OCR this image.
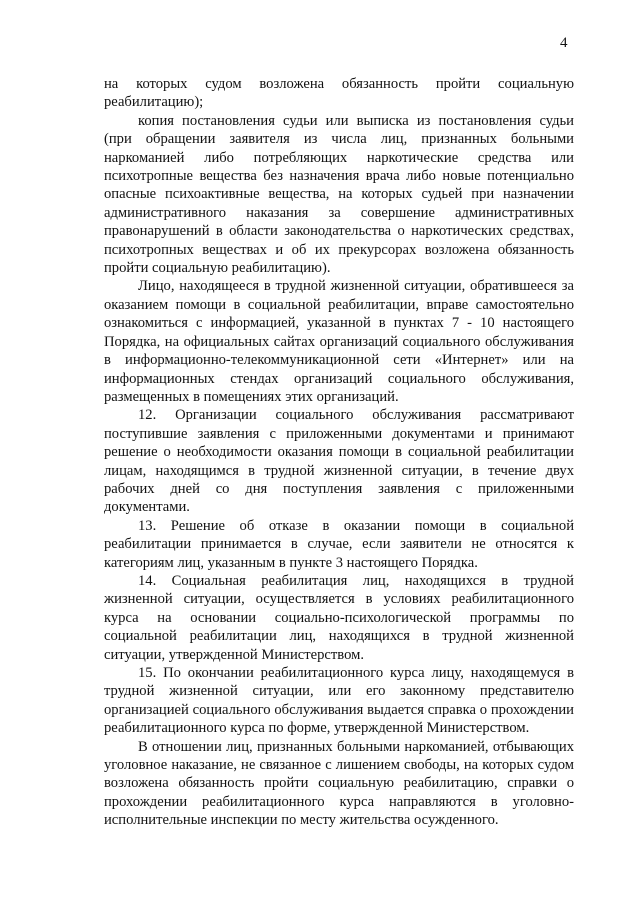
4

на которых судом возложена обязанность пройти социальную реабилитацию);

копия постановления судьи или выписка из постановления судьи (при обращении заявителя из числа лиц, признанных больными наркоманией либо потребляющих наркотические средства или психотропные вещества без назначения врача либо новые потенциально опасные психоактивные вещества, на которых судьей при назначении административного наказания за совершение административных правонарушений в области законодательства о наркотических средствах, психотропных веществах и об их прекурсорах возложена обязанность пройти социальную реабилитацию).

Лицо, находящееся в трудной жизненной ситуации, обратившееся за оказанием помощи в социальной реабилитации, вправе самостоятельно ознакомиться с информацией, указанной в пунктах 7 - 10 настоящего Порядка, на официальных сайтах организаций социального обслуживания в информационно-телекоммуникационной сети «Интернет» или на информационных стендах организаций социального обслуживания, размещенных в помещениях этих организаций.

12. Организации социального обслуживания рассматривают поступившие заявления с приложенными документами и принимают решение о необходимости оказания помощи в социальной реабилитации лицам, находящимся в трудной жизненной ситуации, в течение двух рабочих дней со дня поступления заявления с приложенными документами.

13. Решение об отказе в оказании помощи в социальной реабилитации принимается в случае, если заявители не относятся к категориям лиц, указанным в пункте 3 настоящего Порядка.

14. Социальная реабилитация лиц, находящихся в трудной жизненной ситуации, осуществляется в условиях реабилитационного курса на основании социально-психологической программы по социальной реабилитации лиц, находящихся в трудной жизненной ситуации, утвержденной Министерством.

15. По окончании реабилитационного курса лицу, находящемуся в трудной жизненной ситуации, или его законному представителю организацией социального обслуживания выдается справка о прохождении реабилитационного курса по форме, утвержденной Министерством.

В отношении лиц, признанных больными наркоманией, отбывающих уголовное наказание, не связанное с лишением свободы, на которых судом возложена обязанность пройти социальную реабилитацию, справки о прохождении реабилитационного курса направляются в уголовно-исполнительные инспекции по месту жительства осужденного.
